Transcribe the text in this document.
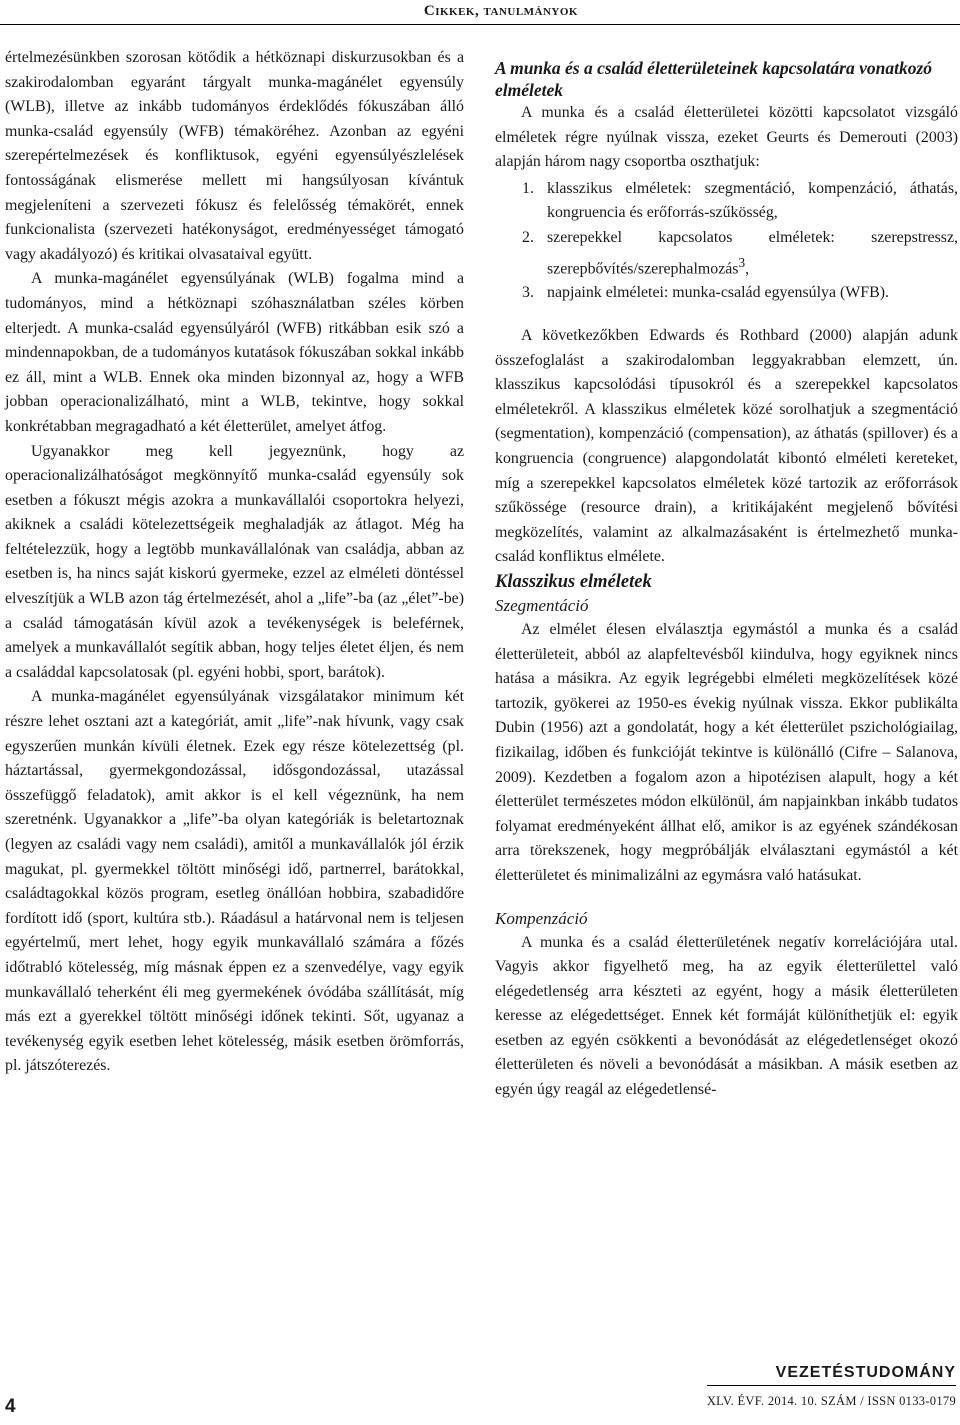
Cikkek, tanulmányok

értelmezésünkben szorosan kötődik a hétköznapi diskurzusokban és a szakirodalomban egyaránt tárgyalt munka-magánélet egyensúly (WLB), illetve az inkább tudományos érdeklődés fókuszában álló munka-család egyensúly (WFB) témaköréhez. Azonban az egyéni szerepértelmezések és konfliktusok, egyéni egyensúlyészlelések fontosságának elismerése mellett mi hangsúlyosan kívántuk megjeleníteni a szervezeti fókusz és felelősség témakörét, ennek funkcionalista (szervezeti hatékonyságot, eredményességet támogató vagy akadályozó) és kritikai olvasataival együtt.

A munka-magánélet egyensúlyának (WLB) fogalma mind a tudományos, mind a hétköznapi szóhasználatban széles körben elterjedt. A munka-család egyensúlyáról (WFB) ritkábban esik szó a mindennapokban, de a tudományos kutatások fókuszában sokkal inkább ez áll, mint a WLB. Ennek oka minden bizonnyal az, hogy a WFB jobban operacionalizálható, mint a WLB, tekintve, hogy sokkal konkrétabban megragadható a két életterület, amelyet átfog.

Ugyanakkor meg kell jegyeznünk, hogy az operacionalizálhatóságot megkönnyítő munka-család egyensúly sok esetben a fókuszt mégis azokra a munkavállalói csoportokra helyezi, akiknek a családi kötelezettségeik meghaladják az átlagot. Még ha feltételezzük, hogy a legtöbb munkavállalónak van családja, abban az esetben is, ha nincs saját kiskorú gyermeke, ezzel az elméleti döntéssel elveszítjük a WLB azon tág értelmezését, ahol a „life”-ba (az „élet”-be) a család támogatásán kívül azok a tevékenységek is beleférnek, amelyek a munkavállalót segítik abban, hogy teljes életet éljen, és nem a családdal kapcsolatosak (pl. egyéni hobbi, sport, barátok).

A munka-magánélet egyensúlyának vizsgálatakor minimum két részre lehet osztani azt a kategóriát, amit „life”-nak hívunk, vagy csak egyszerűen munkán kívüli életnek. Ezek egy része kötelezettség (pl. háztartással, gyermekgondozással, idősgondozással, utazással összefüggő feladatok), amit akkor is el kell végeznünk, ha nem szeretnénk. Ugyanakkor a „life”-ba olyan kategóriák is beletartoznak (legyen az családi vagy nem családi), amitől a munkavállalók jól érzik magukat, pl. gyermekkel töltött minőségi idő, partnerrel, barátokkal, családtagokkal közös program, esetleg önállóan hobbira, szabadidőre fordított idő (sport, kultúra stb.). Ráadásul a határvonal nem is teljesen egyértelmű, mert lehet, hogy egyik munkavállaló számára a főzés időtrabló kötelesség, míg másnak éppen ez a szenvedélye, vagy egyik munkavállaló teherként éli meg gyermekének óvódába szállítását, míg más ezt a gyerekkel töltött minőségi időnek tekinti. Sőt, ugyanaz a tevékenység egyik esetben lehet kötelesség, másik esetben örömforrás, pl. játszóterezés.

A munka és a család életterületeinek kapcsolatára vonatkozó elméletek

A munka és a család életterületei közötti kapcsolatot vizsgáló elméletek régre nyúlnak vissza, ezeket Geurts és Demerouti (2003) alapján három nagy csoportba oszthatjuk:

1. klasszikus elméletek: szegmentáció, kompenzáció, áthatás, kongruencia és erőforrás-szűkösség,
2. szerepekkel kapcsolatos elméletek: szerepstressz, szerepbővítés/szerephalmozás$^3$,
3. napjaink elméletei: munka-család egyensúlya (WFB).

A következőkben Edwards és Rothbard (2000) alapján adunk összefoglalást a szakirodalomban leggyakrabban elemzett, ún. klasszikus kapcsolódási típusokról és a szerepekkel kapcsolatos elméletekről. A klasszikus elméletek közé sorolhatjuk a szegmentáció (segmentation), kompenzáció (compensation), az áthatás (spillover) és a kongruencia (congruence) alapgondolatát kibontó elméleti kereteket, míg a szerepekkel kapcsolatos elméletek közé tartozik az erőforrások szűkössége (resource drain), a kritikájaként megjelenő bővítési megközelítés, valamint az alkalmazásaként is értelmezhető munka-család konfliktus elmélete.

Klasszikus elméletek

Szegmentáció

Az elmélet élesen elválasztja egymástól a munka és a család életterületeit, abból az alapfeltevésből kiindulva, hogy egyiknek nincs hatása a másikra. Az egyik legrégebbi elméleti megközelítések közé tartozik, gyökerei az 1950-es évekig nyúlnak vissza. Ekkor publikálta Dubin (1956) azt a gondolatát, hogy a két életterület pszichológiailag, fizikailag, időben és funkcióját tekintve is különálló (Cifre – Salanova, 2009). Kezdetben a fogalom azon a hipotézisen alapult, hogy a két életterület természetes módon elkülönül, ám napjainkban inkább tudatos folyamat eredményeként állhat elő, amikor is az egyének szándékosan arra törekszenek, hogy megpróbálják elválasztani egymástól a két életterületet és minimalizálni az egymásra való hatásukat.

Kompenzáció

A munka és a család életterületének negatív korrelációjára utal. Vagyis akkor figyelhető meg, ha az egyik életterülettel való elégedetlenség arra készteti az egyént, hogy a másik életterületen keresse az elégedettséget. Ennek két formáját különíthetjük el: egyik esetben az egyén csökkenti a bevonódását az elégedetlenséget okozó életterületen és növeli a bevonódását a másikban. A másik esetben az egyén úgy reagál az elégedetlensé-

VEZETÉSTUDOMÁNY
XLV. ÉVF. 2014. 10. SZÁM / ISSN 0133-0179
4
